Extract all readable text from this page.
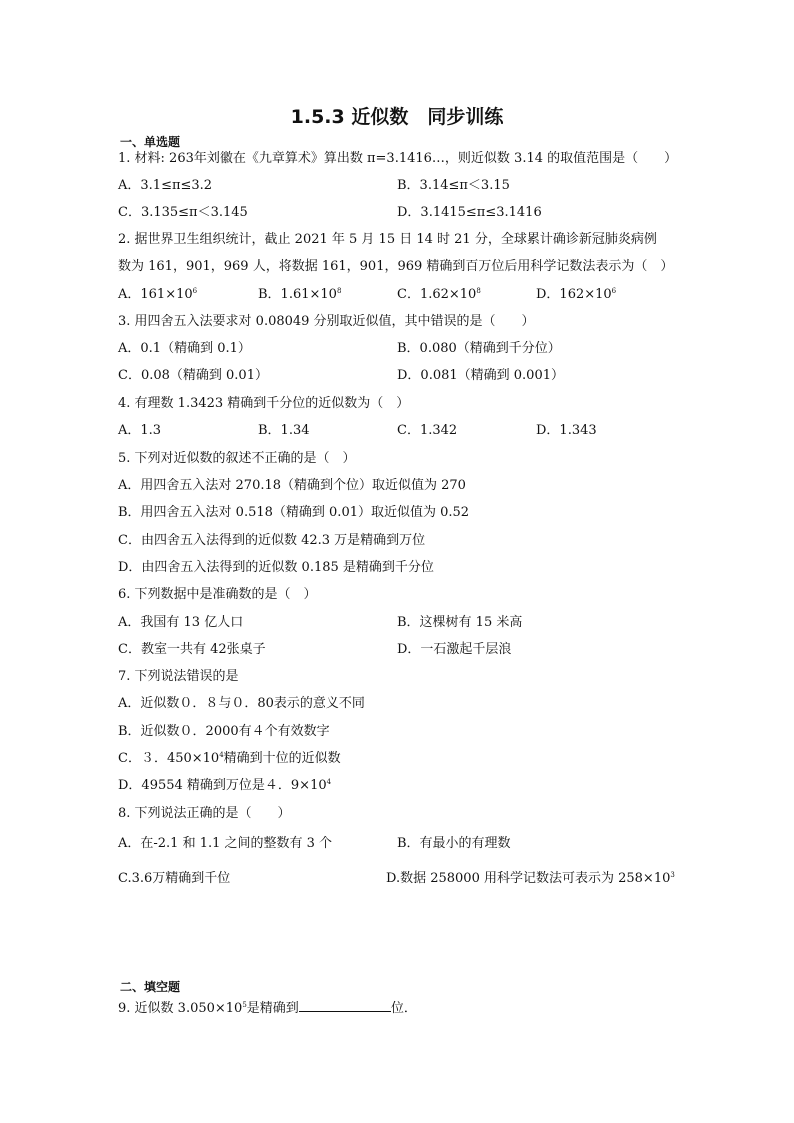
1.5.3 近似数　同步训练
一、单选题
1. 材料: 263年刘徽在《九章算术》算出数 π=3.1416…，则近似数 3.14 的取值范围是（　　）
A．3.1≤π≤3.2	B．3.14≤π＜3.15
C．3.135≤π＜3.145	D．3.1415≤π≤3.1416
2. 据世界卫生组织统计，截止 2021 年 5 月 15 日 14 时 21 分，全球累计确诊新冠肺炎病例
数为 161，901，969 人，将数据 161，901，969 精确到百万位后用科学记数法表示为（　）
A．$161\times 10^6$	B．$1.61\times 10^8$	C．$1.62\times 10^8$	D．$162\times 10^6$
3. 用四舍五入法要求对 0.08049 分别取近似值，其中错误的是（　　）
A．0.1（精确到 0.1）	B．0.080（精确到千分位）
C．0.08（精确到 0.01）	D．0.081（精确到 0.001）
4. 有理数 1.3423 精确到千分位的近似数为（　）
A．1.3	B．1.34	C．1.342	D．1.343
5. 下列对近似数的叙述不正确的是（　）
A．用四舍五入法对 270.18（精确到个位）取近似值为 270
B．用四舍五入法对 0.518（精确到 0.01）取近似值为 0.52
C．由四舍五入法得到的近似数 42.3 万是精确到万位
D．由四舍五入法得到的近似数 0.185 是精确到千分位
6. 下列数据中是准确数的是（　）
A．我国有 13 亿人口	B．这棵树有 15 米高
C．教室一共有 42张桌子	D．一石激起千层浪
7. 下列说法错误的是
A．近似数０．８与０．80表示的意义不同
B．近似数０．2000有４个有效数字
C．３．$450\times 10^4$精确到十位的近似数
D．49554 精确到万位是４．$9\times 10^4$
8. 下列说法正确的是（　　）
A．在-2.1 和 1.1 之间的整数有 3 个	B．有最小的有理数
C.3.6万精确到千位	D.数据 258000 用科学记数法可表示为 $258\times 10^3$
二、填空题
9. 近似数 $3.050\times 10^5$是精确到	位．
